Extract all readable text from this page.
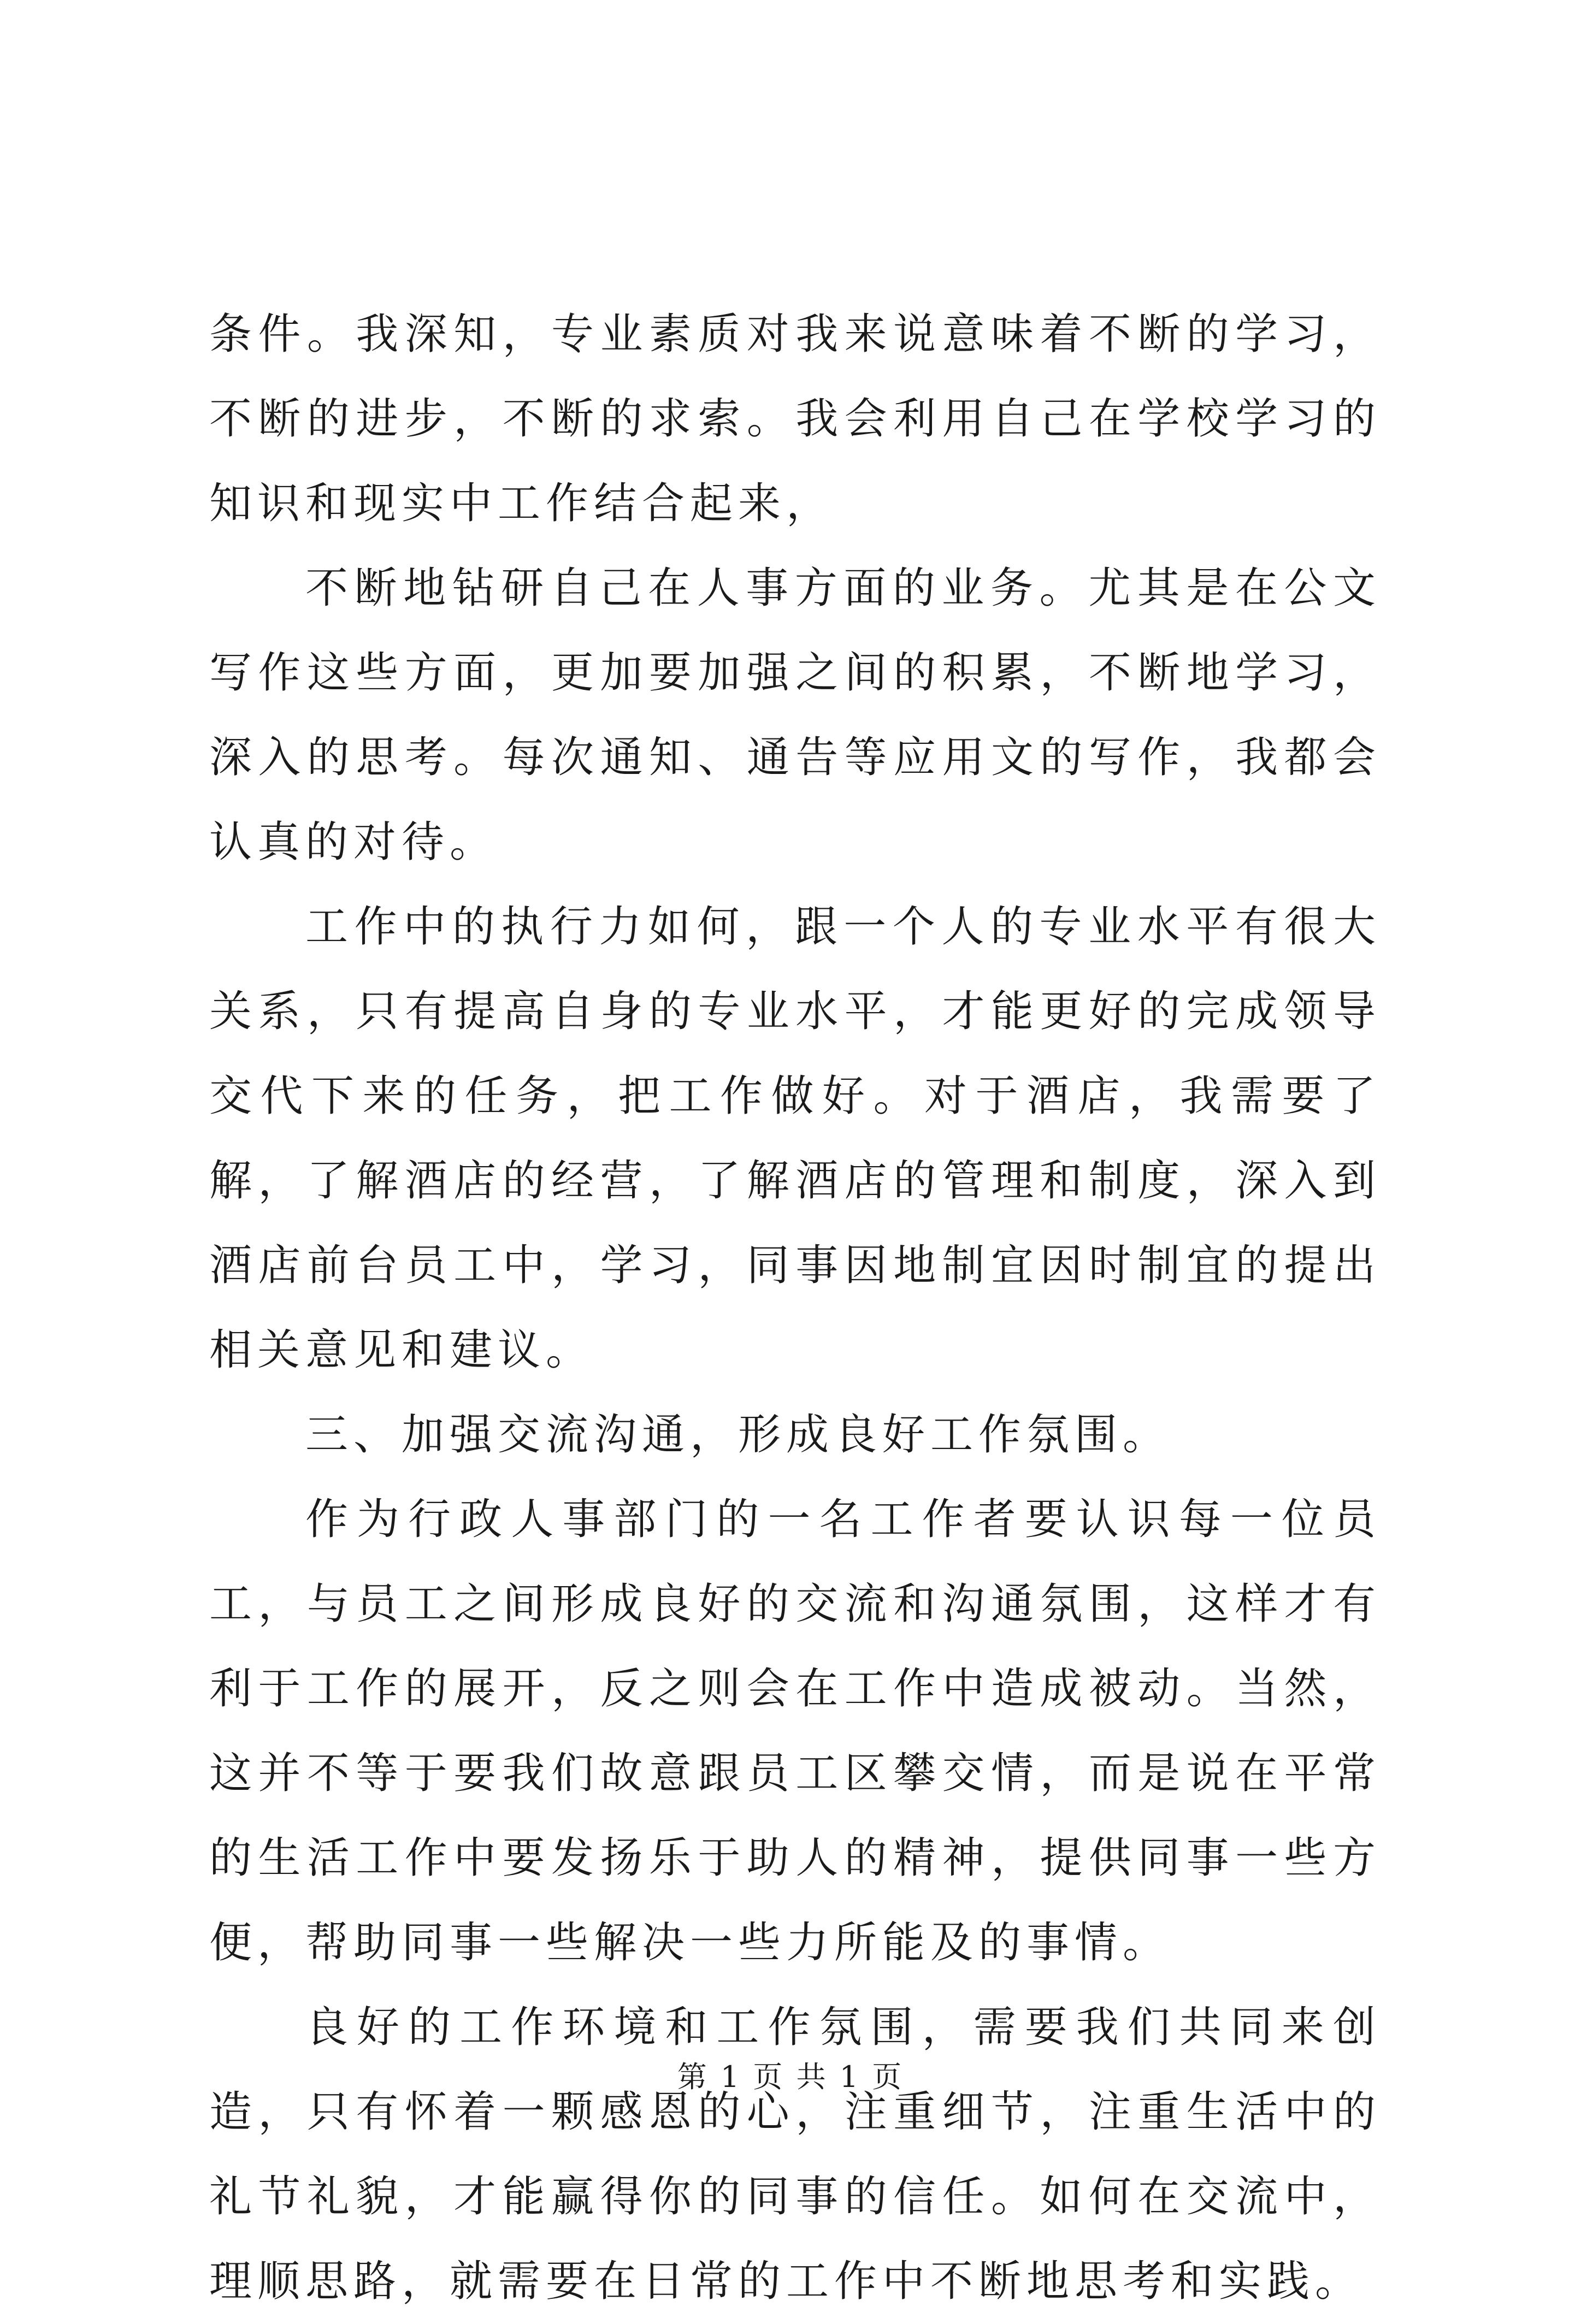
条件。我深知，专业素质对我来说意味着不断的学习，不断的进步，不断的求索。我会利用自己在学校学习的知识和现实中工作结合起来，

不断地钻研自己在人事方面的业务。尤其是在公文写作这些方面，更加要加强之间的积累，不断地学习，深入的思考。每次通知、通告等应用文的写作，我都会认真的对待。

工作中的执行力如何，跟一个人的专业水平有很大关系，只有提高自身的专业水平，才能更好的完成领导交代下来的任务，把工作做好。对于酒店，我需要了解，了解酒店的经营，了解酒店的管理和制度，深入到酒店前台员工中，学习，同事因地制宜因时制宜的提出相关意见和建议。

三、加强交流沟通，形成良好工作氛围。

作为行政人事部门的一名工作者要认识每一位员工，与员工之间形成良好的交流和沟通氛围，这样才有利于工作的展开，反之则会在工作中造成被动。当然，这并不等于要我们故意跟员工区攀交情，而是说在平常的生活工作中要发扬乐于助人的精神，提供同事一些方便，帮助同事一些解决一些力所能及的事情。

良好的工作环境和工作氛围，需要我们共同来创造，只有怀着一颗感恩的心，注重细节，注重生活中的礼节礼貌，才能赢得你的同事的信任。如何在交流中，理顺思路，就需要在日常的工作中不断地思考和实践。

第 1 页 共 1 页
